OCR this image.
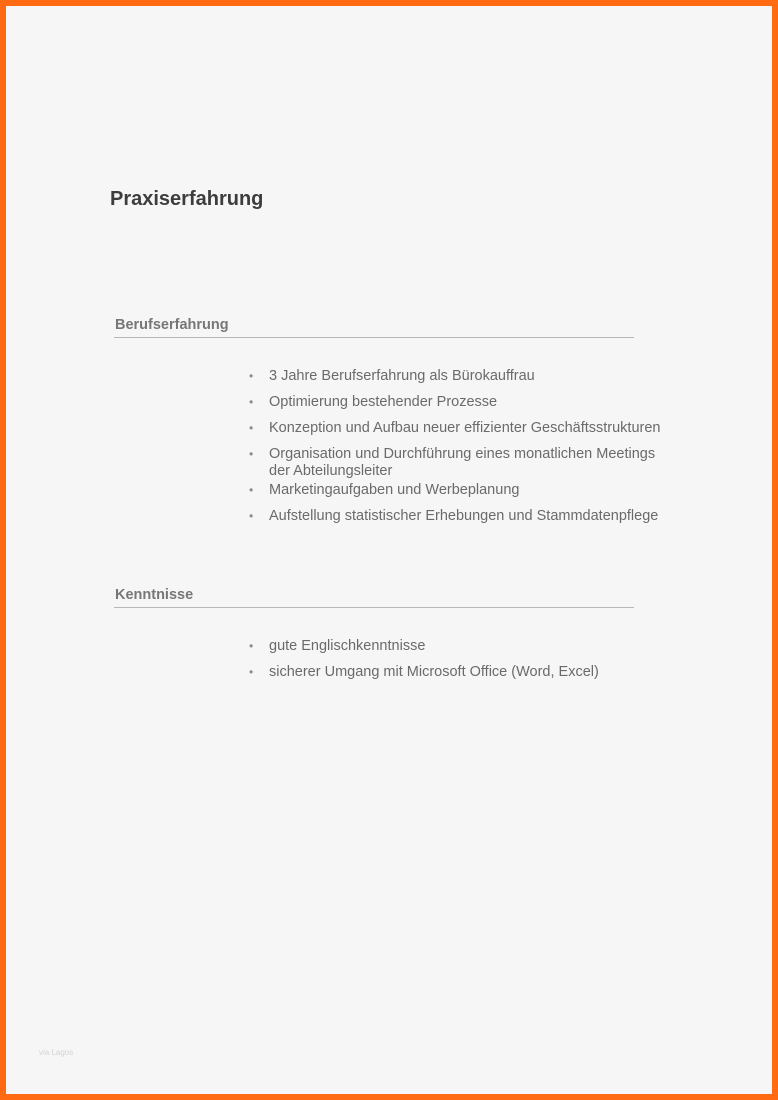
Praxiserfahrung
Berufserfahrung
• 3 Jahre Berufserfahrung als Bürokauffrau
• Optimierung bestehender Prozesse
• Konzeption und Aufbau neuer effizienter Geschäftsstrukturen
• Organisation und Durchführung eines monatlichen Meetings
der Abteilungsleiter
• Marketingaufgaben und Werbeplanung
• Aufstellung statistischer Erhebungen und Stammdatenpflege
Kenntnisse
• gute Englischkenntnisse
• sicherer Umgang mit Microsoft Office (Word, Excel)
via Lagos
